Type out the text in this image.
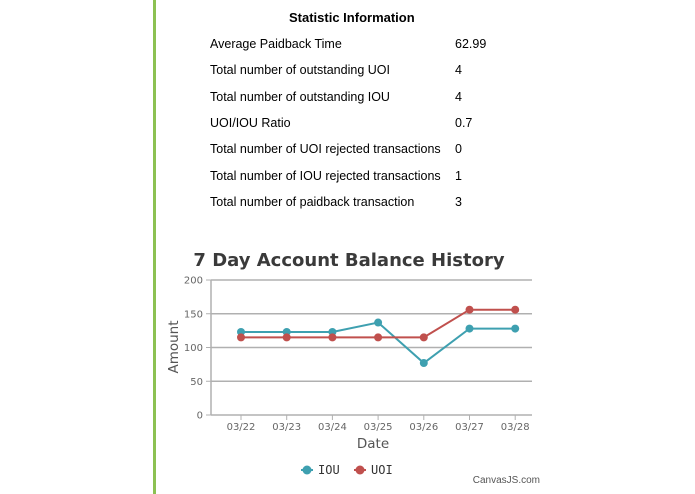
Statistic Information
Average Paidback Time	62.99
Total number of outstanding UOI	4
Total number of outstanding IOU	4
UOI/IOU Ratio	0.7
Total number of UOI rejected transactions	0
Total number of IOU rejected transactions	1
Total number of paidback transaction	3
7 Day Account Balance History
Date
Amount
0
50
100
150
200
03/22 03/23 03/24 03/25 03/26 03/27 03/28
IOU	UOI
CanvasJS.com
